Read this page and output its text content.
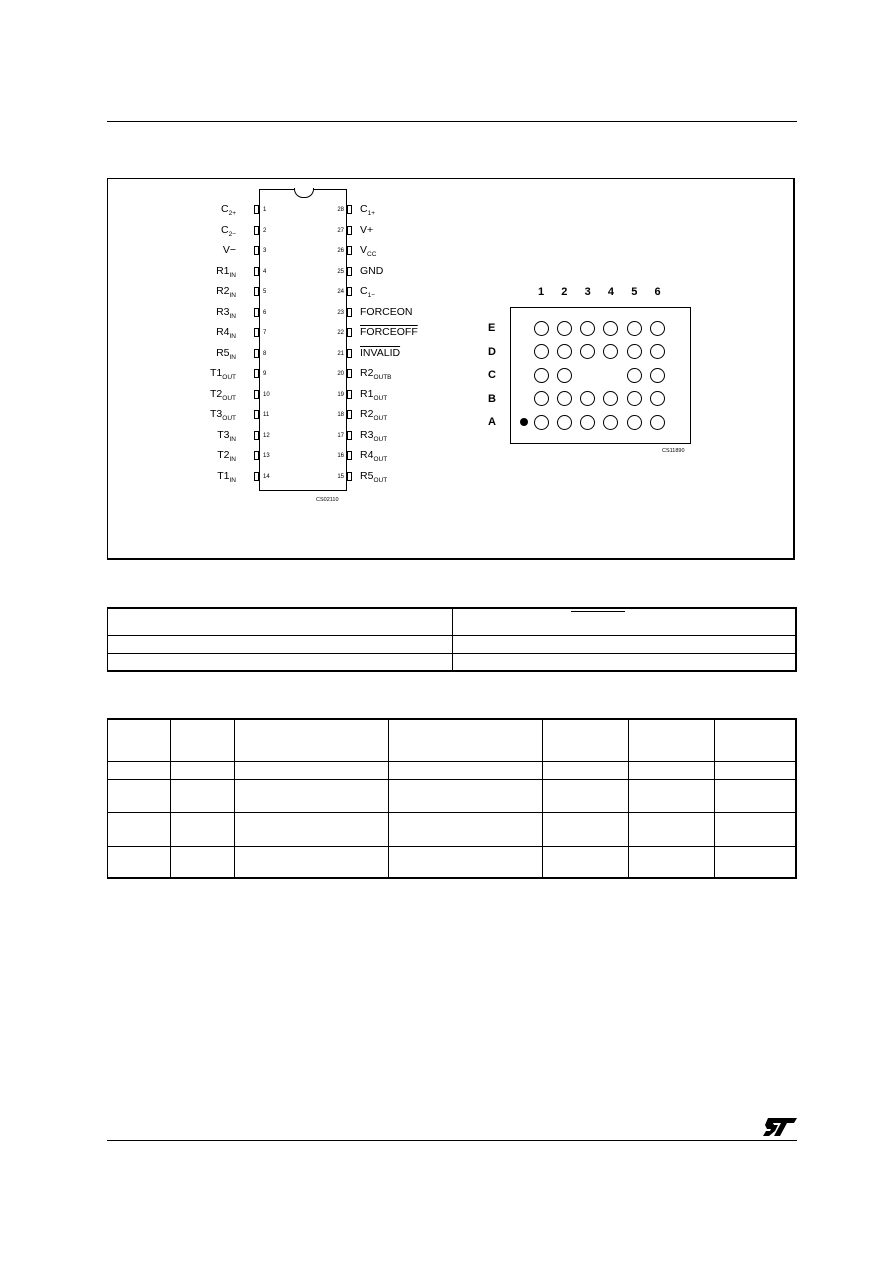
1
$C_{2+}$
2
$C_{2-}$
3
V−
4
$R1_{IN}$
5
$R2_{IN}$
6
$R3_{IN}$
7
$R4_{IN}$
8
$R5_{IN}$
9
$T1_{OUT}$
10
$T2_{OUT}$
11
$T3_{OUT}$
12
$T3_{IN}$
13
$T2_{IN}$
14
$T1_{IN}$
28 $C_{1+}$
27 V+
26 $V_{CC}$
25 GND
24 $C_{1-}$
23 FORCEON
22 FORCEOFF
21 INVALID
20 $R2_{OUTB}$
19 $R1_{OUT}$
18 $R2_{OUT}$
17 $R3_{OUT}$
16 $R4_{OUT}$
15 $R5_{OUT}$
CS02110
1 2 3 4 5 6
E
D
C
B
A
CS11890
